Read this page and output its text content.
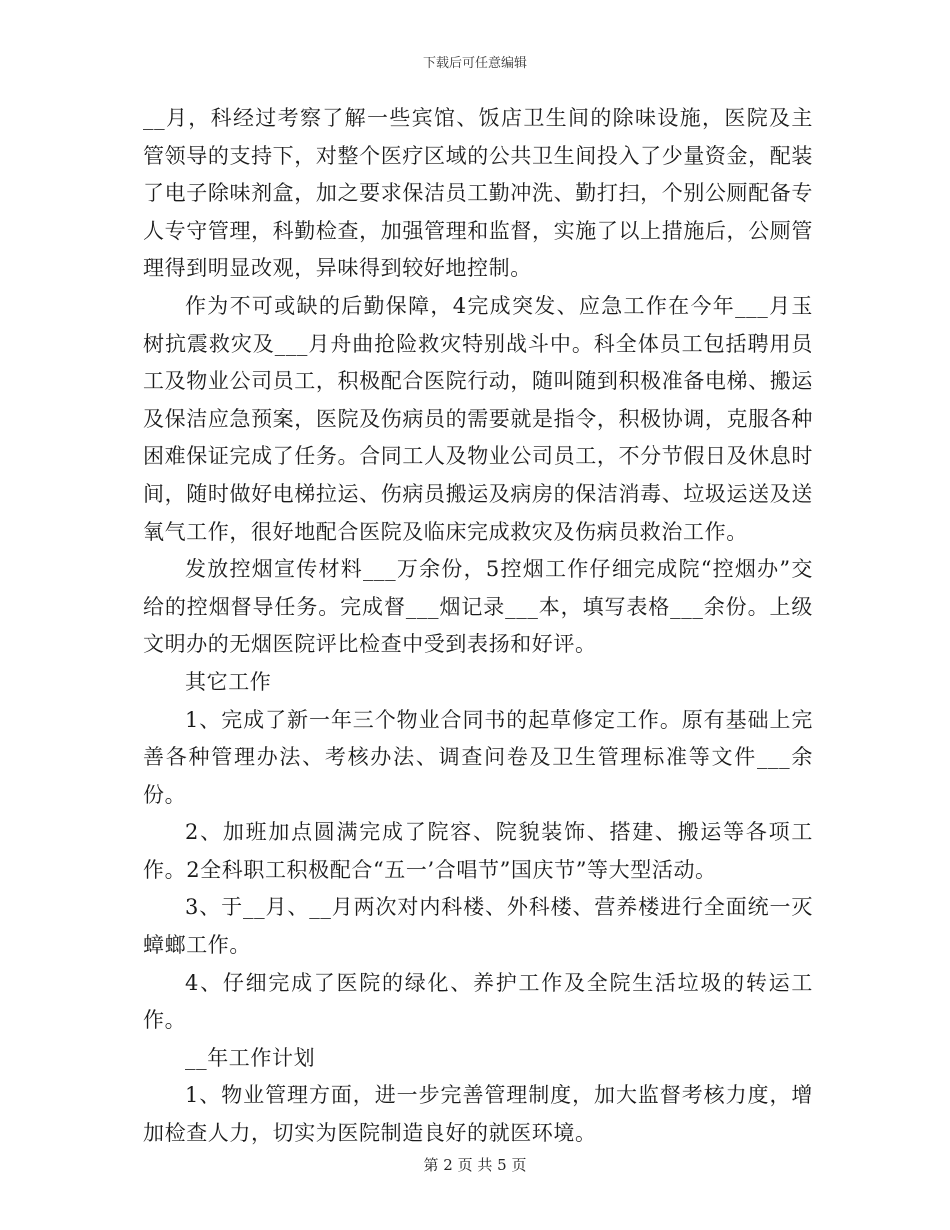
下载后可任意编辑

__月，科经过考察了解一些宾馆、饭店卫生间的除味设施，医院及主管领导的支持下，对整个医疗区域的公共卫生间投入了少量资金，配装了电子除味剂盒，加之要求保洁员工勤冲洗、勤打扫，个别公厕配备专人专守管理，科勤检查，加强管理和监督，实施了以上措施后，公厕管理得到明显改观，异味得到较好地控制。

作为不可或缺的后勤保障，4完成突发、应急工作在今年___月玉树抗震救灾及___月舟曲抢险救灾特别战斗中。科全体员工包括聘用员工及物业公司员工，积极配合医院行动，随叫随到积极准备电梯、搬运及保洁应急预案，医院及伤病员的需要就是指令，积极协调，克服各种困难保证完成了任务。合同工人及物业公司员工，不分节假日及休息时间，随时做好电梯拉运、伤病员搬运及病房的保洁消毒、垃圾运送及送氧气工作，很好地配合医院及临床完成救灾及伤病员救治工作。

发放控烟宣传材料___万余份，5控烟工作仔细完成院“控烟办”交给的控烟督导任务。完成督___烟记录___本，填写表格___余份。上级文明办的无烟医院评比检查中受到表扬和好评。

其它工作

1、完成了新一年三个物业合同书的起草修定工作。原有基础上完善各种管理办法、考核办法、调查问卷及卫生管理标准等文件___余份。

2、加班加点圆满完成了院容、院貌装饰、搭建、搬运等各项工作。2全科职工积极配合“五一’合唱节”国庆节”等大型活动。

3、于__月、__月两次对内科楼、外科楼、营养楼进行全面统一灭蟑螂工作。

4、仔细完成了医院的绿化、养护工作及全院生活垃圾的转运工作。

__年工作计划

1、物业管理方面，进一步完善管理制度，加大监督考核力度，增加检查人力，切实为医院制造良好的就医环境。

第 2 页 共 5 页
